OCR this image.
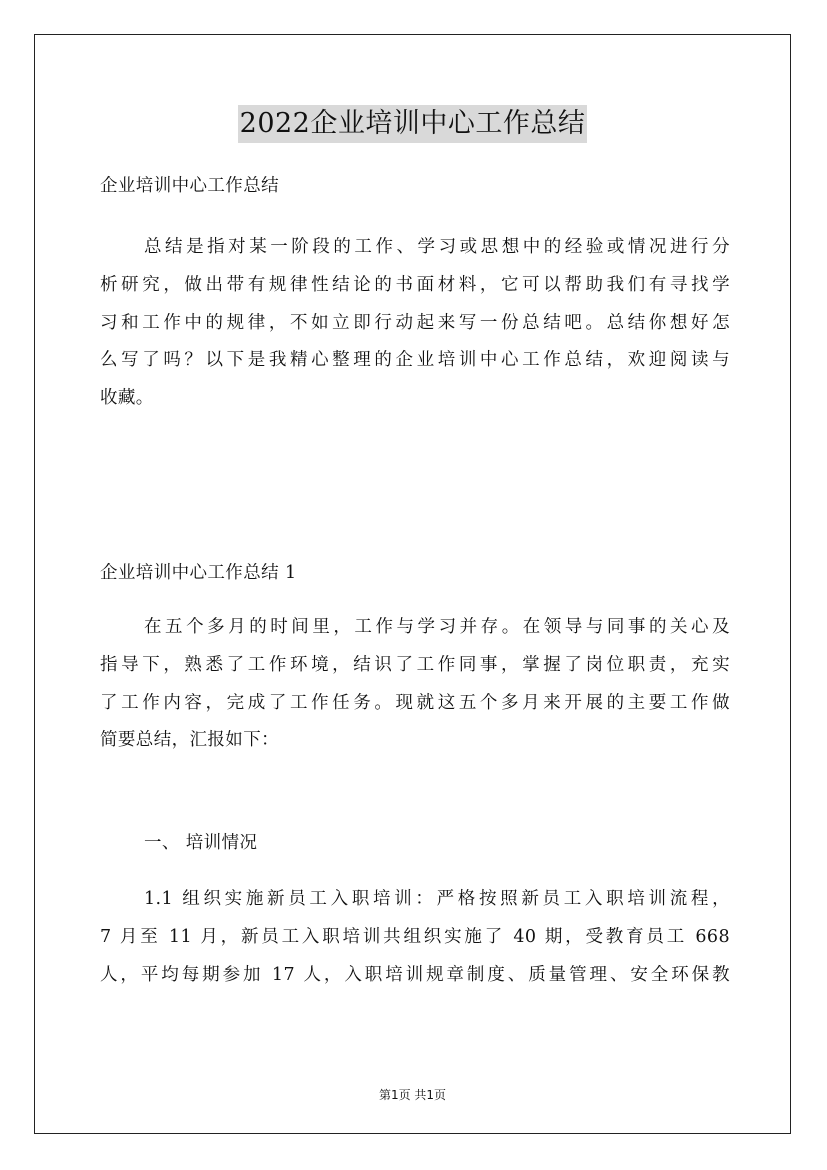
2022企业培训中心工作总结
企业培训中心工作总结
总结是指对某一阶段的工作、学习或思想中的经验或情况进行分
析研究，做出带有规律性结论的书面材料，它可以帮助我们有寻找学
习和工作中的规律，不如立即行动起来写一份总结吧。总结你想好怎
么写了吗？以下是我精心整理的企业培训中心工作总结，欢迎阅读与
收藏。
企业培训中心工作总结 1
在五个多月的时间里，工作与学习并存。在领导与同事的关心及
指导下，熟悉了工作环境，结识了工作同事，掌握了岗位职责，充实
了工作内容，完成了工作任务。现就这五个多月来开展的主要工作做
简要总结，汇报如下：
一、 培训情况
1.1 组织实施新员工入职培训：严格按照新员工入职培训流程，
7 月至 11 月，新员工入职培训共组织实施了 40 期，受教育员工 668
人，平均每期参加 17 人，入职培训规章制度、质量管理、安全环保教
第1页 共1页
